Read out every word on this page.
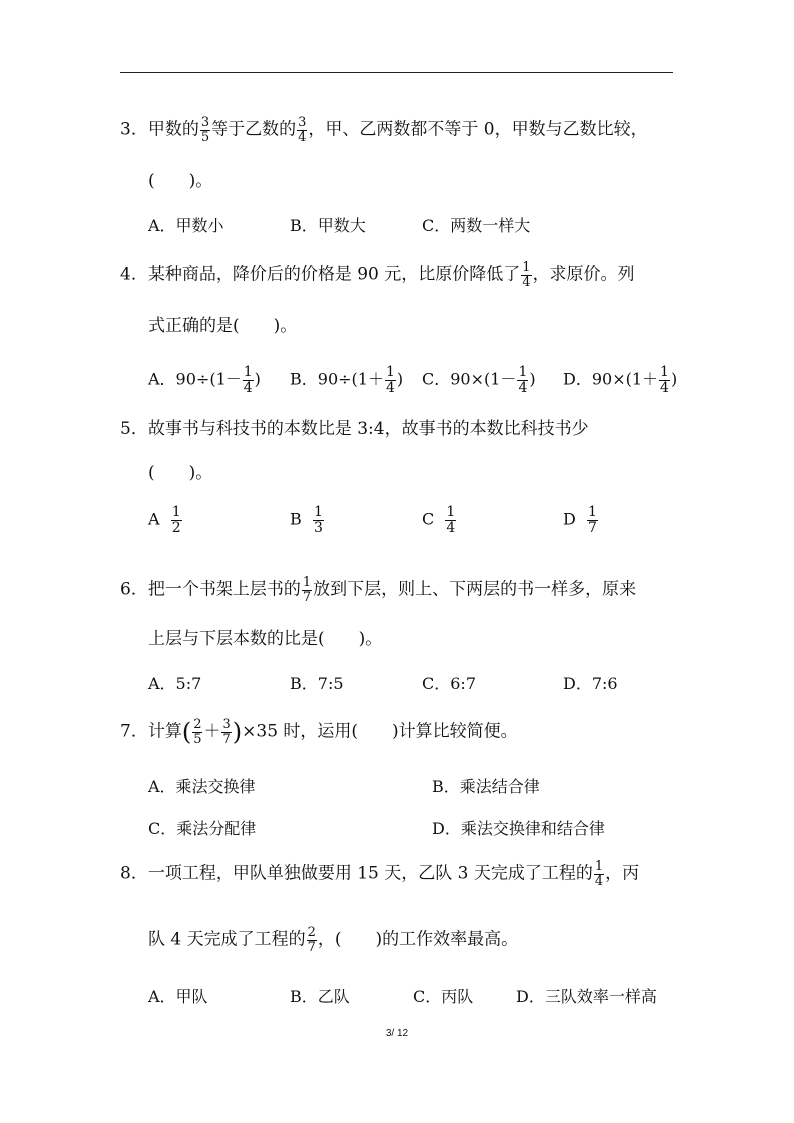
3．甲数的 $\frac{3}{5}$ 等于乙数的 $\frac{3}{4}$ ，甲、乙两数都不等于 0，甲数与乙数比较，
(　　)。
A．甲数小	B．甲数大	C．两数一样大
4．某种商品，降价后的价格是 90 元，比原价降低了 $\frac{1}{4}$ ，求原价。列
式正确的是(　　)。
A．$90\div(1- \frac{1}{4}$ ) B．$90\div(1+ \frac{1}{4}$ ) C．$90\times(1- \frac{1}{4}$ ) D．$90\times(1+ \frac{1}{4}$ )
5．故事书与科技书的本数比是 3:4，故事书的本数比科技书少
(　　)。
A $\frac{1}{2}$	B $\frac{1}{3}$	C $\frac{1}{4}$	D $\frac{1}{7}$
6．把一个书架上层书的 $\frac{1}{7}$ 放到下层，则上、下两层的书一样多，原来
上层与下层本数的比是(　　)。
A．5:7	B．7:5	C．6:7	D．7:6
7．计算( $\frac{2}{5} + \frac{3}{7} )\times 35$ 时，运用(　　)计算比较简便。
A．乘法交换律	B．乘法结合律
C．乘法分配律	D．乘法交换律和结合律
8．一项工程，甲队单独做要用 15 天，乙队 3 天完成了工程的 $\frac{1}{4}$ ，丙
队 4 天完成了工程的 $\frac{2}{7}$ ，(　　)的工作效率最高。
A．甲队	B．乙队	C．丙队	D．三队效率一样高
3/ 12
